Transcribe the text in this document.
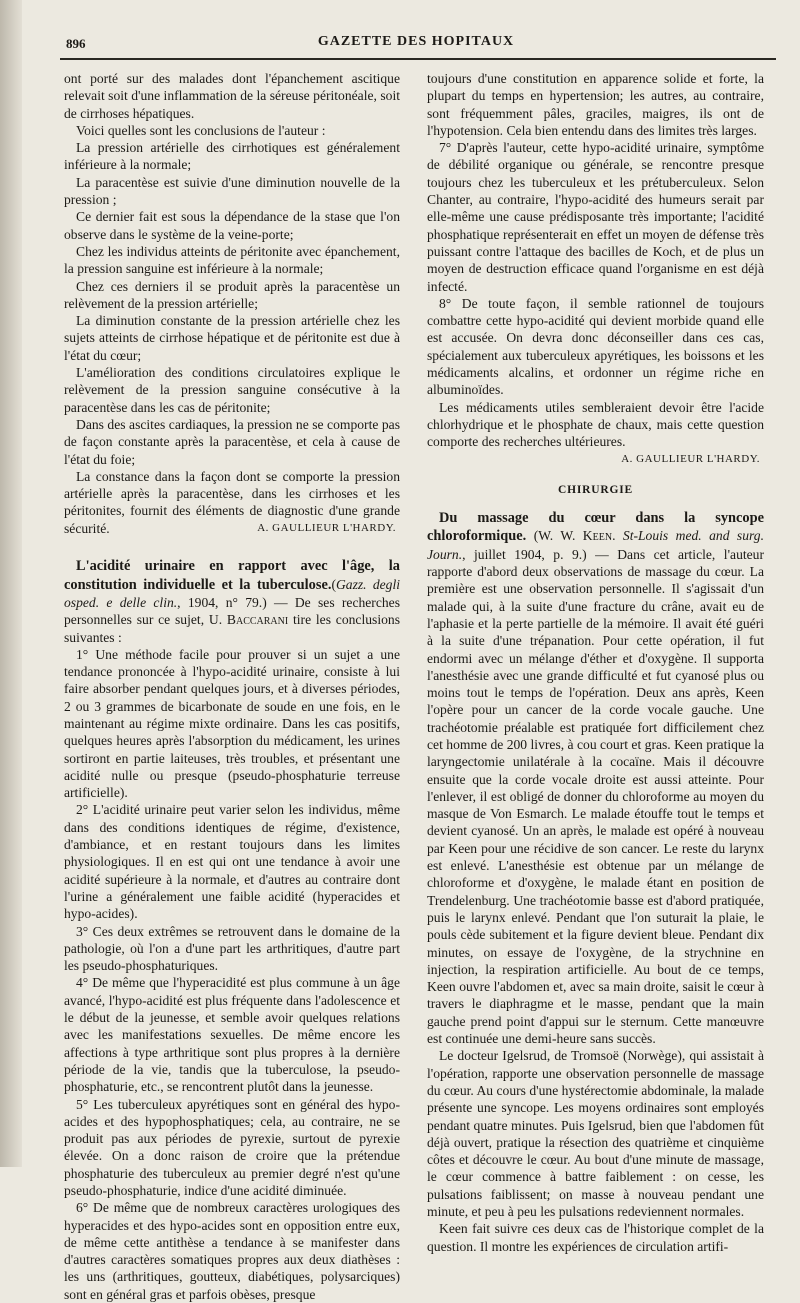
896	GAZETTE DES HOPITAUX

ont porté sur des malades dont l'épanchement ascitique relevait soit d'une inflammation de la séreuse péritonéale, soit de cirrhoses hépatiques.

Voici quelles sont les conclusions de l'auteur :

La pression artérielle des cirrhotiques est généralement inférieure à la normale;

La paracentèse est suivie d'une diminution nouvelle de la pression ;

Ce dernier fait est sous la dépendance de la stase que l'on observe dans le système de la veine-porte;

Chez les individus atteints de péritonite avec épanchement, la pression sanguine est inférieure à la normale;

Chez ces derniers il se produit après la paracentèse un relèvement de la pression artérielle;

La diminution constante de la pression artérielle chez les sujets atteints de cirrhose hépatique et de péritonite est due à l'état du cœur;

L'amélioration des conditions circulatoires explique le relèvement de la pression sanguine consécutive à la paracentèse dans les cas de péritonite;

Dans des ascites cardiaques, la pression ne se comporte pas de façon constante après la paracentèse, et cela à cause de l'état du foie;

La constance dans la façon dont se comporte la pression artérielle après la paracentèse, dans les cirrhoses et les péritonites, fournit des éléments de diagnostic d'une grande sécurité.	A. GAULLIEUR L'HARDY.

L'acidité urinaire en rapport avec l'âge, la constitution individuelle et la tuberculose.(Gazz. degli osped. e delle clin., 1904, n° 79.) — De ses recherches personnelles sur ce sujet, U. Baccarani tire les conclusions suivantes :

1° Une méthode facile pour prouver si un sujet a une tendance prononcée à l'hypo-acidité urinaire, consiste à lui faire absorber pendant quelques jours, et à diverses périodes, 2 ou 3 grammes de bicarbonate de soude en une fois, en le maintenant au régime mixte ordinaire. Dans les cas positifs, quelques heures après l'absorption du médicament, les urines sortiront en partie laiteuses, très troubles, et présentant une acidité nulle ou presque (pseudo-phosphaturie terreuse artificielle).

2° L'acidité urinaire peut varier selon les individus, même dans des conditions identiques de régime, d'existence, d'ambiance, et en restant toujours dans les limites physiologiques. Il en est qui ont une tendance à avoir une acidité supérieure à la normale, et d'autres au contraire dont l'urine a généralement une faible acidité (hyperacides et hypo-acides).

3° Ces deux extrêmes se retrouvent dans le domaine de la pathologie, où l'on a d'une part les arthritiques, d'autre part les pseudo-phosphaturiques.

4° De même que l'hyperacidité est plus commune à un âge avancé, l'hypo-acidité est plus fréquente dans l'adolescence et le début de la jeunesse, et semble avoir quelques relations avec les manifestations sexuelles. De même encore les affections à type arthritique sont plus propres à la dernière période de la vie, tandis que la tuberculose, la pseudo-phosphaturie, etc., se rencontrent plutôt dans la jeunesse.

5° Les tuberculeux apyrétiques sont en général des hypo-acides et des hypophosphatiques; cela, au contraire, ne se produit pas aux périodes de pyrexie, surtout de pyrexie élevée. On a donc raison de croire que la prétendue phosphaturie des tuberculeux au premier degré n'est qu'une pseudo-phosphaturie, indice d'une acidité diminuée.

6° De même que de nombreux caractères urologiques des hyperacides et des hypo-acides sont en opposition entre eux, de même cette antithèse a tendance à se manifester dans d'autres caractères somatiques propres aux deux diathèses : les uns (arthritiques, goutteux, diabétiques, polysarciques) sont en général gras et parfois obèses, presque

toujours d'une constitution en apparence solide et forte, la plupart du temps en hypertension; les autres, au contraire, sont fréquemment pâles, graciles, maigres, ils ont de l'hypotension. Cela bien entendu dans des limites très larges.

7° D'après l'auteur, cette hypo-acidité urinaire, symptôme de débilité organique ou générale, se rencontre presque toujours chez les tuberculeux et les prétuberculeux. Selon Chanter, au contraire, l'hypo-acidité des humeurs serait par elle-même une cause prédisposante très importante; l'acidité phosphatique représenterait en effet un moyen de défense très puissant contre l'attaque des bacilles de Koch, et de plus un moyen de destruction efficace quand l'organisme en est déjà infecté.

8° De toute façon, il semble rationnel de toujours combattre cette hypo-acidité qui devient morbide quand elle est accusée. On devra donc déconseiller dans ces cas, spécialement aux tuberculeux apyrétiques, les boissons et les médicaments alcalins, et ordonner un régime riche en albuminoïdes.

Les médicaments utiles sembleraient devoir être l'acide chlorhydrique et le phosphate de chaux, mais cette question comporte des recherches ultérieures.

A. GAULLIEUR L'HARDY.

CHIRURGIE

Du massage du cœur dans la syncope chloroformique. (W. W. Keen. St-Louis med. and surg. Journ., juillet 1904, p. 9.) — Dans cet article, l'auteur rapporte d'abord deux observations de massage du cœur. La première est une observation personnelle. Il s'agissait d'un malade qui, à la suite d'une fracture du crâne, avait eu de l'aphasie et la perte partielle de la mémoire. Il avait été guéri à la suite d'une trépanation. Pour cette opération, il fut endormi avec un mélange d'éther et d'oxygène. Il supporta l'anesthésie avec une grande difficulté et fut cyanosé plus ou moins tout le temps de l'opération. Deux ans après, Keen l'opère pour un cancer de la corde vocale gauche. Une trachéotomie préalable est pratiquée fort difficilement chez cet homme de 200 livres, à cou court et gras. Keen pratique la laryngectomie unilatérale à la cocaïne. Mais il découvre ensuite que la corde vocale droite est aussi atteinte. Pour l'enlever, il est obligé de donner du chloroforme au moyen du masque de Von Esmarch. Le malade étouffe tout le temps et devient cyanosé. Un an après, le malade est opéré à nouveau par Keen pour une récidive de son cancer. Le reste du larynx est enlevé. L'anesthésie est obtenue par un mélange de chloroforme et d'oxygène, le malade étant en position de Trendelenburg. Une trachéotomie basse est d'abord pratiquée, puis le larynx enlevé. Pendant que l'on suturait la plaie, le pouls cède subitement et la figure devient bleue. Pendant dix minutes, on essaye de l'oxygène, de la strychnine en injection, la respiration artificielle. Au bout de ce temps, Keen ouvre l'abdomen et, avec sa main droite, saisit le cœur à travers le diaphragme et le masse, pendant que la main gauche prend point d'appui sur le sternum. Cette manœuvre est continuée une demi-heure sans succès.

Le docteur Igelsrud, de Tromsoë (Norwège), qui assistait à l'opération, rapporte une observation personnelle de massage du cœur. Au cours d'une hystérectomie abdominale, la malade présente une syncope. Les moyens ordinaires sont employés pendant quatre minutes. Puis Igelsrud, bien que l'abdomen fût déjà ouvert, pratique la résection des quatrième et cinquième côtes et découvre le cœur. Au bout d'une minute de massage, le cœur commence à battre faiblement : on cesse, les pulsations faiblissent; on masse à nouveau pendant une minute, et peu à peu les pulsations redeviennent normales.

Keen fait suivre ces deux cas de l'historique complet de la question. Il montre les expériences de circulation artifi-
